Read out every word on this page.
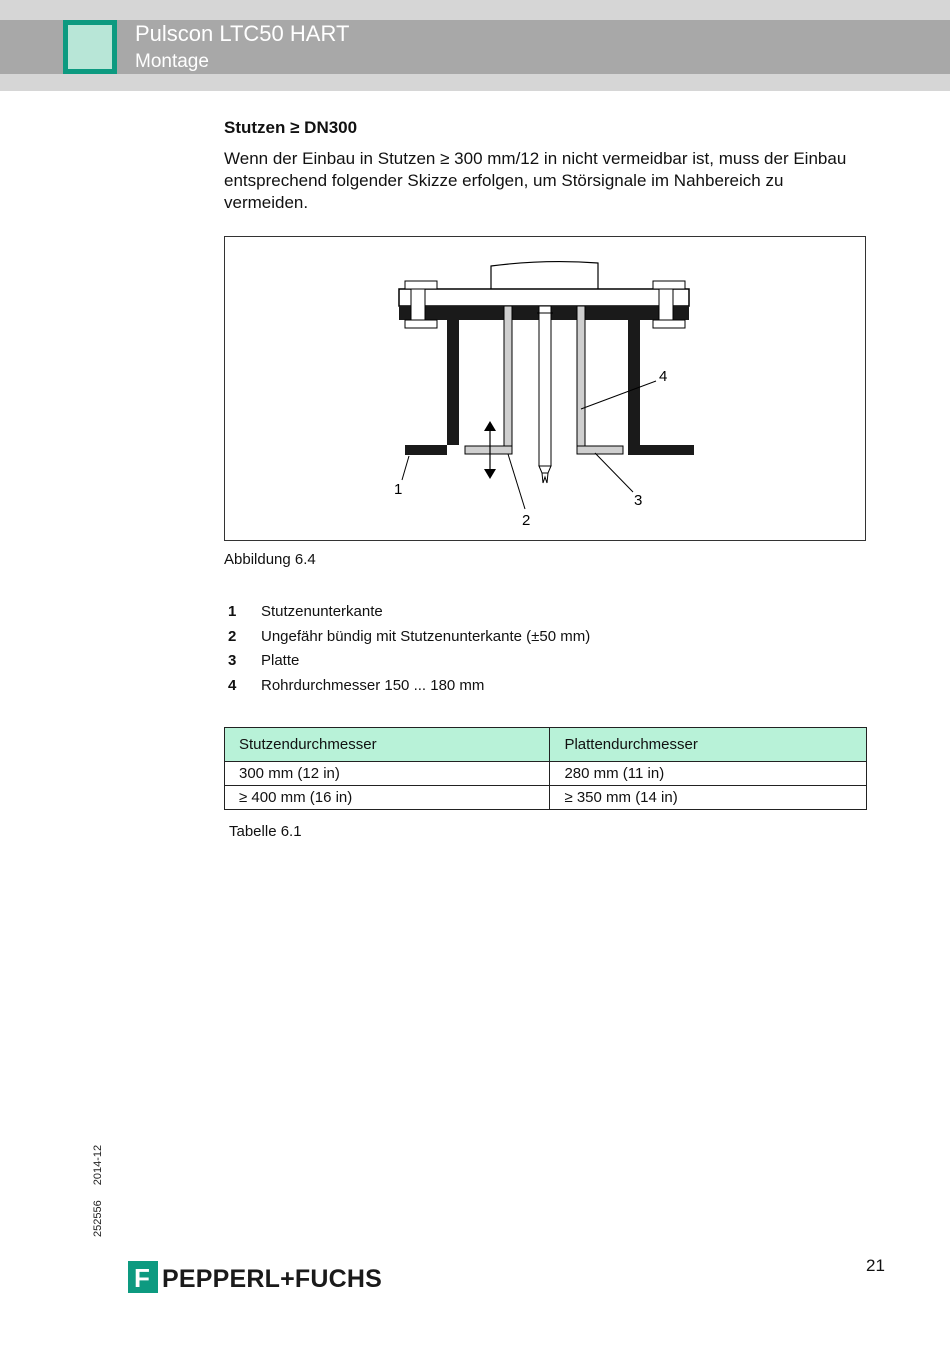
Pulscon LTC50 HART
Montage
Stutzen ≥ DN300

Wenn der Einbau in Stutzen ≥ 300 mm/12 in nicht vermeidbar ist, muss der Einbau entsprechend folgender Skizze erfolgen, um Störsignale im Nahbereich zu vermeiden.

1
2
3
4
Abbildung 6.4
1 Stutzenunterkante
2 Ungefähr bündig mit Stutzenunterkante (±50 mm)
3 Platte
4 Rohrdurchmesser 150 ... 180 mm
Stutzendurchmesser	Plattendurchmesser
300 mm (12 in)	280 mm (11 in)
≥ 400 mm (16 in)	≥ 350 mm (14 in)
Tabelle 6.1
252556 2014-12
F PEPPERL+FUCHS	21
